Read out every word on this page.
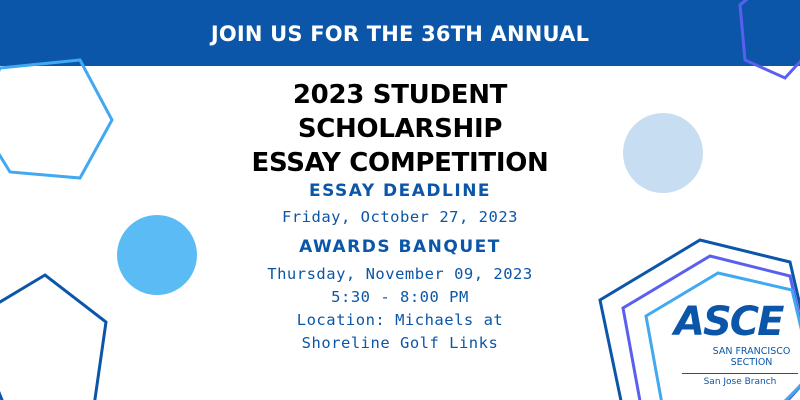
JOIN US FOR THE 36TH ANNUAL
2023 STUDENT
SCHOLARSHIP
ESSAY COMPETITION
ESSAY DEADLINE
Friday, October 27, 2023
AWARDS BANQUET
Thursday, November 09, 2023
5:30 - 8:00 PM
Location: Michaels at
Shoreline Golf Links	ASCE
SAN FRANCISCO
SECTION
San Jose Branch
